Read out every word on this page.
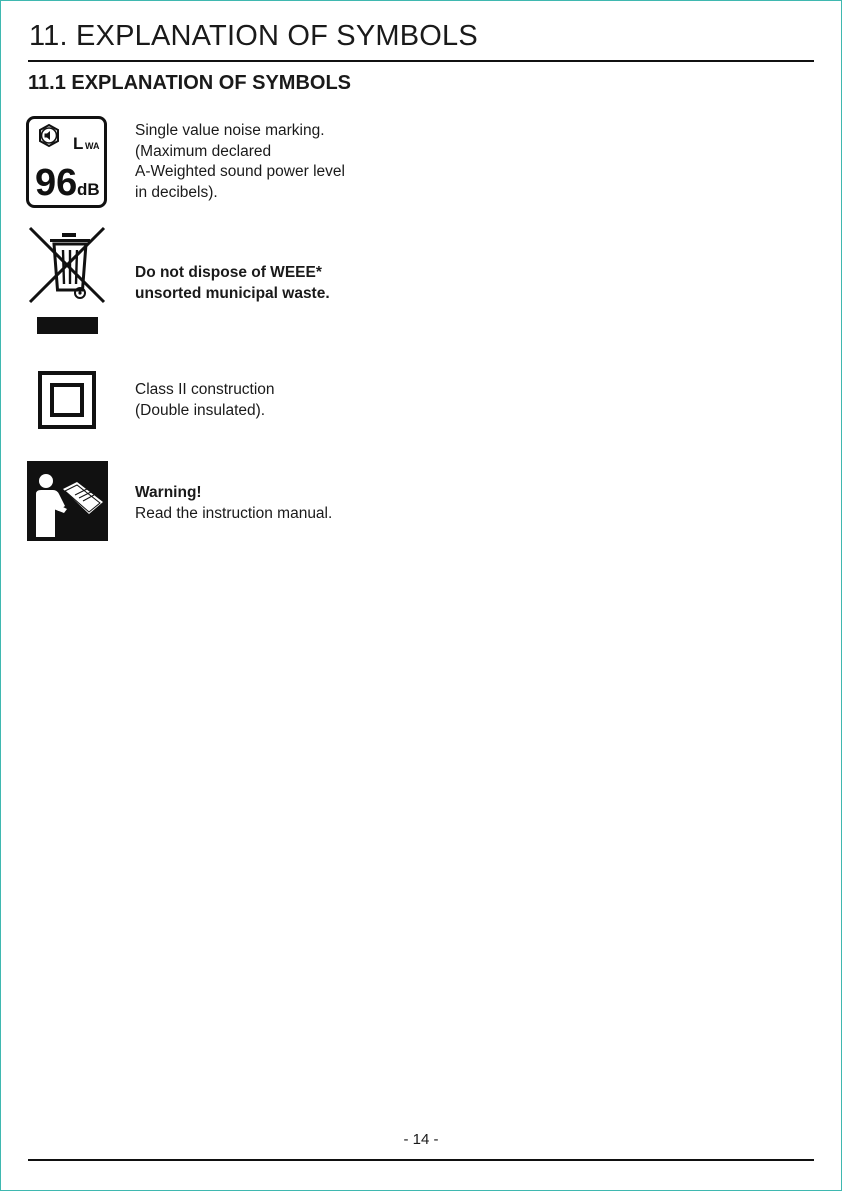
11. EXPLANATION OF SYMBOLS
11.1 EXPLANATION OF SYMBOLS
L WA
96 dB
Single value noise marking.
(Maximum declared
A-Weighted sound power level
in decibels).
Do not dispose of WEEE*
unsorted municipal waste.
Class II construction
(Double insulated).
Warning!
Read the instruction manual.
- 14 -
